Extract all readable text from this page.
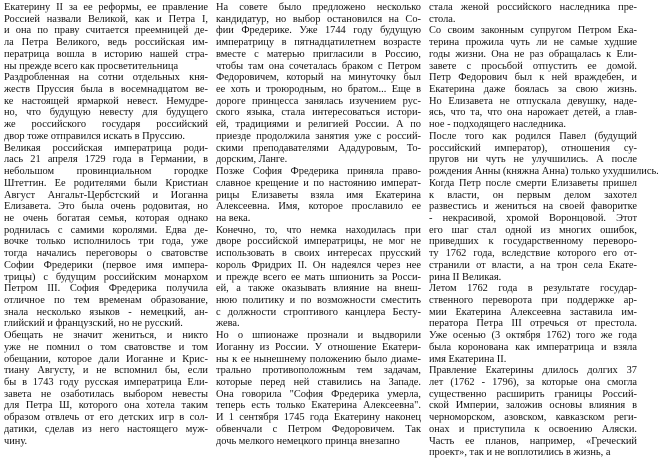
Екатерину II за ее реформы, ее правление
Россией назвали Великой, как и Петра I,
и она по праву считается преемницей де-
ла Петра Великого, ведь российская им-
ператрица вошла в историю нашей стра-
ны прежде всего как просветительница
Раздробленная на сотни отдельных кня-
жеств Пруссия была в восемнадцатом ве-
ке настоящей ярмаркой невест. Немудре-
но, что будущую невесту для будущего
же российского государя российский
двор тоже отправился искать в Пруссию.
Великая российская императрица роди-
лась 21 апреля 1729 года в Германии, в
небольшом провинциальном городке
Штеттин. Ее родителями были Кристиан
Август Ангальт-Цербстский и Иоганна
Елизавета. Это была очень родовитая, но
не очень богатая семья, которая однако
роднилась с самими королями. Едва де-
вочке только исполнилось три года, уже
тогда начались переговоры о сватовстве
Софии Фредерики (первое имя импера-
трицы) с будущим российским монархом
Петром III. София Фредерика получила
отличное по тем временам образование,
знала несколько языков - немецкий, ан-
глийский и французский, но не русский.
Обещать не значит жениться, и никто
уже не помнил о том сватовстве и том
обещании, которое дали Иоганне и Крис-
тиану Августу, и не вспомнил бы, если
бы в 1743 году русская императрица Ели-
завета не озаботилась выбором невесты
для Петра Ш, которого она хотела таким
образом отвлечь от его детских игр в сол-
датики, сделав из него настоящего муж-
чину.
На совете было предложено несколько
кандидатур, но выбор остановился на Со-
фии Фредерике. Уже 1744 году будущую
императрицу в пятнадцатилетнем возрасте
вместе с матерью пригласили в Россию,
чтобы там она сочеталась браком с Петром
Федоровичем, который на минуточку был
ее хоть и троюродным, но братом... Еще в
дороге принцесса занялась изучением рус-
ского языка, стала интересоваться истори-
ей, традициями и религией России. А по
приезде продолжила занятия уже с россий-
скими преподавателями Ададуровым, То-
дорским, Ланге.
Позже София Фредерика приняла право-
славное крещение и по настоянию императ-
рицы Елизаветы взяла имя Екатерина
Алексеевна. Имя, которое прославило ее
на века.
Конечно, то, что немка находилась при
дворе российской императрицы, не мог не
использовать в своих интересах прусский
король Фридрих II. Он надеялся через нее
и прежде всего ее мать шпионить за Росси-
ей, а также оказывать влияние на внеш-
нюю политику и по возможности сместить
с должности строптивого канцлера Бесту-
жева.
Но о шпионаже прознали и выдворили
Иоганну из России. У отношение Екатери-
ны к ее нынешнему положению было диаме-
трально противоположным тем задачам,
которые перед ней ставились на Западе.
Она говорила "София Фредерика умерла,
теперь есть только Екатерина Алексеевна".
И 1 сентября 1745 года Екатерину наконец
обвенчали с Петром Федоровичем. Так
дочь мелкого немецкого принца внезапно
стала женой российского наследника пре-
стола.
Со своим законным супругом Петром Ека-
терина прожила чуть ли не самые худшие
годы жизни. Она не раз обращалась к Ели-
завете с просьбой отпустить ее домой.
Петр Федорович был к ней враждебен, и
Екатерина даже боялась за свою жизнь.
Но Елизавета не отпускала девушку, наде-
ясь, что та, что она нарожает детей, а глав-
ное - подходящего наследника.
После того как родился Павел (будущий
российский император), отношения су-
пругов ни чуть не улучшились. А после
рождения Анны (княжна Анна) только ухудшились.
Когда Петр после смерти Елизаветы пришел
к власти, он первым делом захотел
развестись и жениться на своей фаворитке
- некрасивой, хромой Воронцовой. Этот
его шаг стал одной из многих ошибок,
приведших к государственному переворо-
ту 1762 года, вследствие которого его от-
странили от власти, а на трон села Екате-
рина II Великая.
Летом 1762 года в результате государ-
ственного переворота при поддержке ар-
мии Екатерина Алексеевна заставила им-
ператора Петра III отречься от престола.
Уже осенью (3 октября 1762) того же года
была коронована как императрица и взяла
имя Екатерина II.
Правление Екатерины длилось долгих 37
лет (1762 - 1796), за которые она смогла
существенно расширить границы Россий-
ской Империи, заложив основы влияния в
черноморском, азовском, кавказском реги-
онах и приступила к освоению Аляски.
Часть ее планов, например, «Греческий
проект», так и не воплотились в жизнь, а
